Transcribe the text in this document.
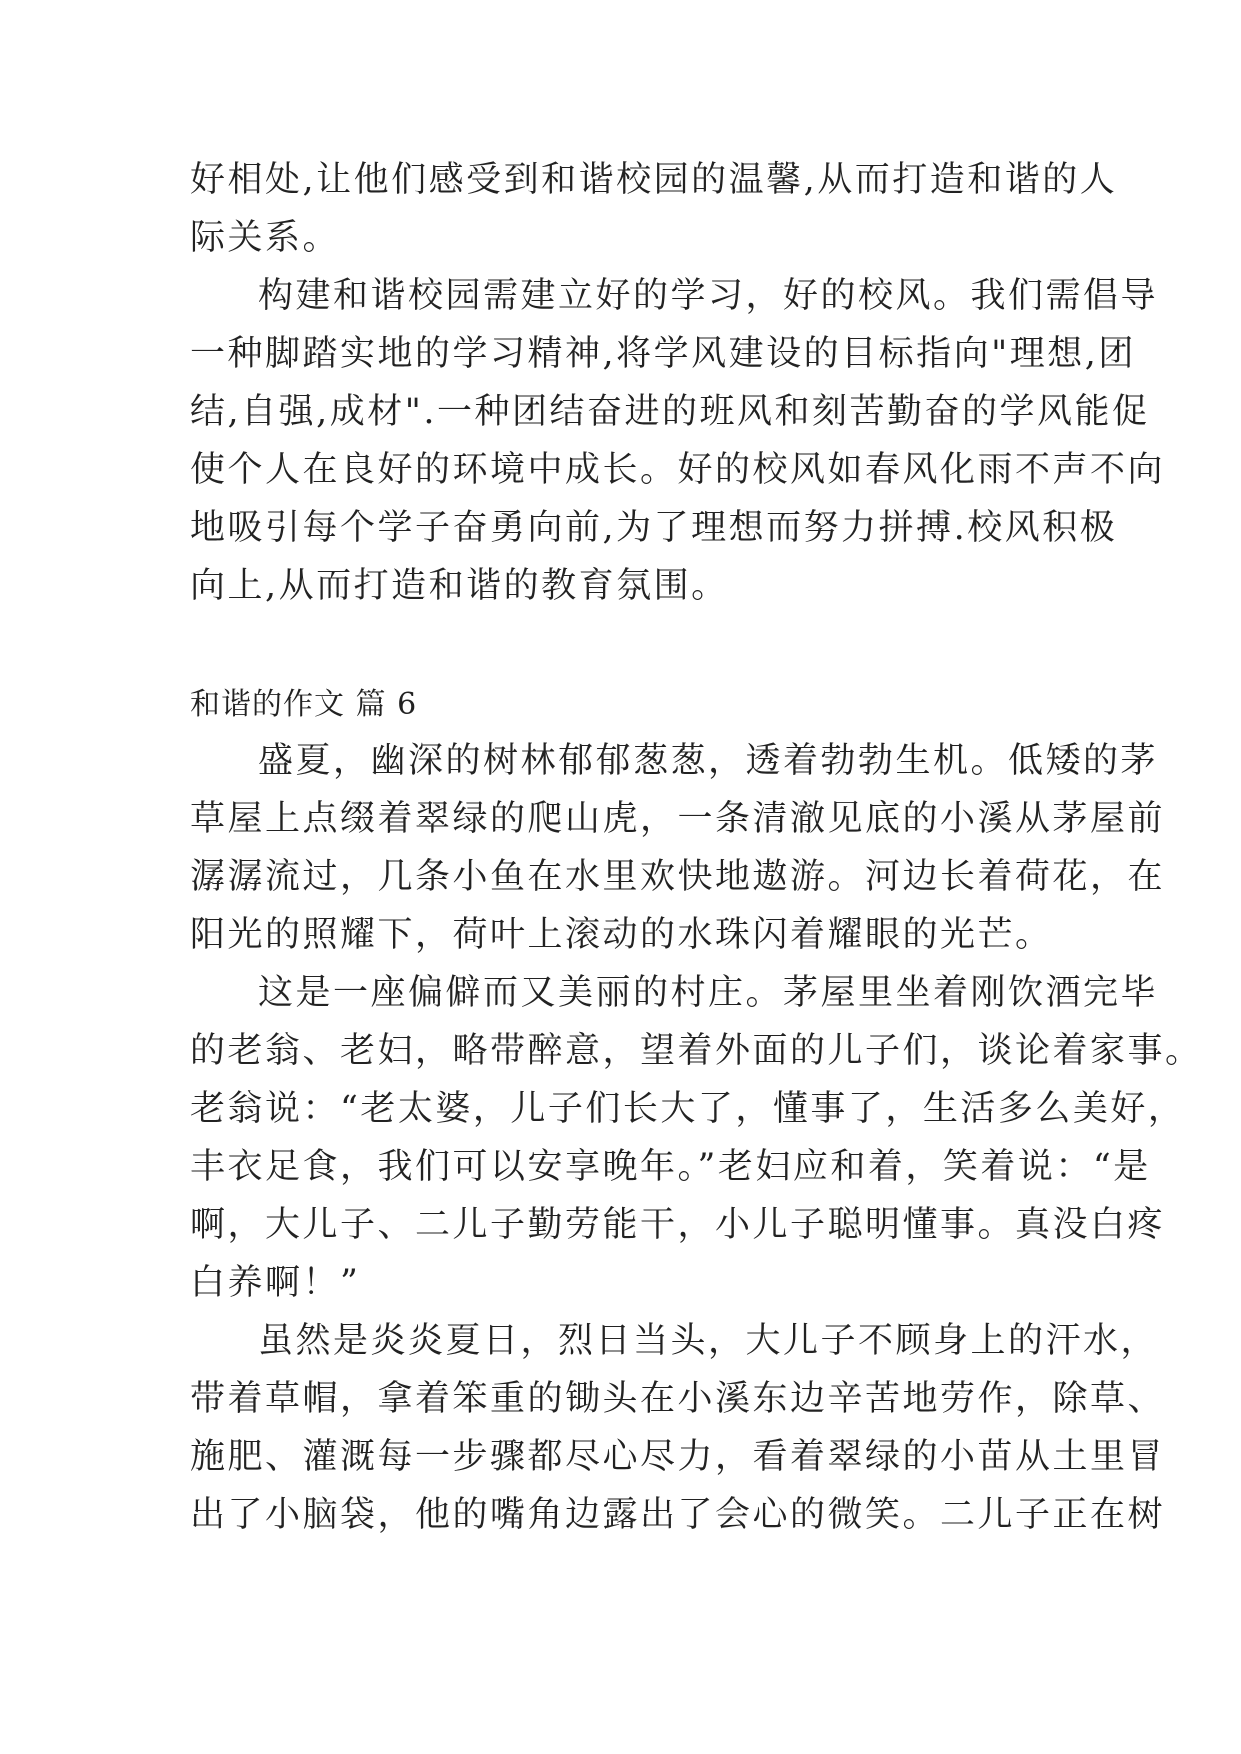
好相处,让他们感受到和谐校园的温馨,从而打造和谐的人
际关系。
构建和谐校园需建立好的学习，好的校风。我们需倡导
一种脚踏实地的学习精神,将学风建设的目标指向"理想,团
结,自强,成材".一种团结奋进的班风和刻苦勤奋的学风能促
使个人在良好的环境中成长。好的校风如春风化雨不声不向
地吸引每个学子奋勇向前,为了理想而努力拼搏.校风积极
向上,从而打造和谐的教育氛围。
和谐的作文 篇 6
盛夏，幽深的树林郁郁葱葱，透着勃勃生机。低矮的茅
草屋上点缀着翠绿的爬山虎，一条清澈见底的小溪从茅屋前
潺潺流过，几条小鱼在水里欢快地遨游。河边长着荷花，在
阳光的照耀下，荷叶上滚动的水珠闪着耀眼的光芒。
这是一座偏僻而又美丽的村庄。茅屋里坐着刚饮酒完毕
的老翁、老妇，略带醉意，望着外面的儿子们，谈论着家事。
老翁说：“老太婆，儿子们长大了，懂事了，生活多么美好，
丰衣足食，我们可以安享晚年。”老妇应和着，笑着说：“是
啊，大儿子、二儿子勤劳能干，小儿子聪明懂事。真没白疼
白养啊！”
虽然是炎炎夏日，烈日当头，大儿子不顾身上的汗水，
带着草帽，拿着笨重的锄头在小溪东边辛苦地劳作，除草、
施肥、灌溉每一步骤都尽心尽力，看着翠绿的小苗从土里冒
出了小脑袋，他的嘴角边露出了会心的微笑。二儿子正在树
